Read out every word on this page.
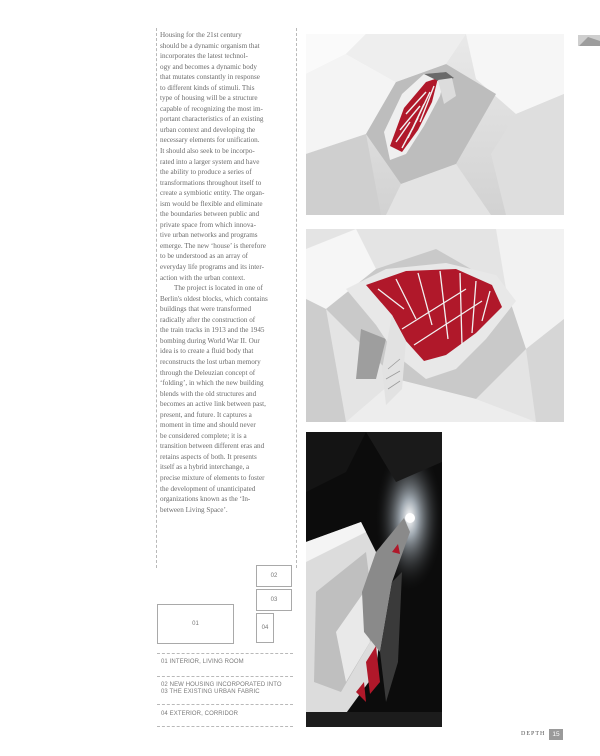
Housing for the 21st century
should be a dynamic organism that
incorporates the latest technol-
ogy and becomes a dynamic body
that mutates constantly in response
to different kinds of stimuli. This
type of housing will be a structure
capable of recognizing the most im-
portant characteristics of an existing
urban context and developing the
necessary elements for unification.
It should also seek to be incorpo-
rated into a larger system and have
the ability to produce a series of
transformations throughout itself to
create a symbiotic entity. The organ-
ism would be flexible and eliminate
the boundaries between public and
private space from which innova-
tive urban networks and programs
emerge. The new ‘house’ is therefore
to be understood as an array of
everyday life programs and its inter-
action with the urban context.

The project is located in one of
Berlin's oldest blocks, which contains
buildings that were transformed
radically after the construction of
the train tracks in 1913 and the 1945
bombing during World War II. Our
idea is to create a fluid body that
reconstructs the lost urban memory
through the Deleuzian concept of
‘folding’, in which the new building
blends with the old structures and
becomes an active link between past,
present, and future. It captures a
moment in time and should never
be considered complete; it is a
transition between different eras and
retains aspects of both. It presents
itself as a hybrid interchange, a
precise mixture of elements to foster
the development of unanticipated
organizations known as the ‘In-
between Living Space’.

02
03
01
04
01 INTERIOR, LIVING ROOM
02 NEW HOUSING INCORPORATED INTO
03 THE EXISTING URBAN FABRIC
04 EXTERIOR, CORRIDOR
DEPTH	15
